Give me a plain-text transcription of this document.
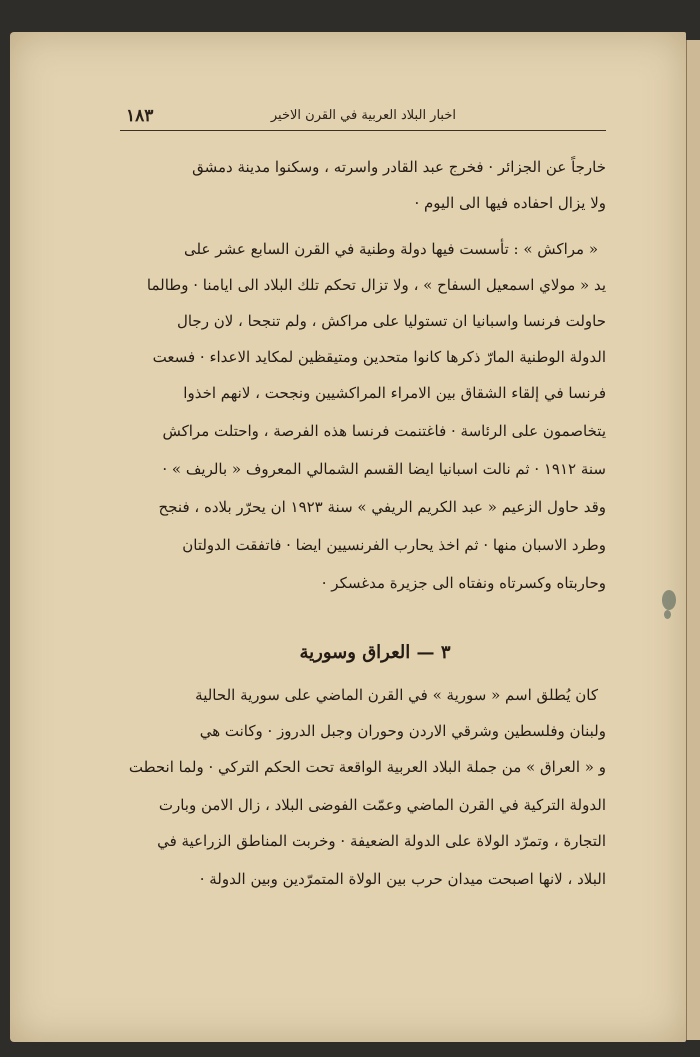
١٨٣	اخبار البلاد العربية في القرن الاخير
خارجاً عن الجزائر · فخرج عبد القادر واسرته ، وسكنوا مدينة دمشق
ولا يزال احفاده فيها الى اليوم ·
« مراكش » : تأسست فيها دولة وطنية في القرن السابع عشر على
يد « مولاي اسمعيل السفاح » ، ولا تزال تحكم تلك البلاد الى ايامنا · وطالما
حاولت فرنسا واسبانيا ان تستوليا على مراكش ، ولم تنجحا ، لان رجال
الدولة الوطنية المارّ ذكرها كانوا متحدين ومتيقظين لمكايد الاعداء · فسعت
فرنسا في إلقاء الشقاق بين الامراء المراكشيين ونجحت ، لانهم اخذوا
يتخاصمون على الرئاسة · فاغتنمت فرنسا هذه الفرصة ، واحتلت مراكش
سنة ١٩١٢ · ثم نالت اسبانيا ايضا القسم الشمالي المعروف « بالريف » ·
وقد حاول الزعيم « عبد الكريم الريفي » سنة ١٩٢٣ ان يحرّر بلاده ، فنجح
وطرد الاسبان منها · ثم اخذ يحارب الفرنسيين ايضا · فاتفقت الدولتان
وحاربتاه وكسرتاه ونفتاه الى جزيرة مدغسكر ·
٣ — العراق وسورية
كان يُطلق اسم « سورية » في القرن الماضي على سورية الحالية
ولبنان وفلسطين وشرقي الاردن وحوران وجبل الدروز · وكانت هي
و « العراق » من جملة البلاد العربية الواقعة تحت الحكم التركي · ولما انحطت
الدولة التركية في القرن الماضي وعمّت الفوضى البلاد ، زال الامن وبارت
التجارة ، وتمرّد الولاة على الدولة الضعيفة · وخربت المناطق الزراعية في
البلاد ، لانها اصبحت ميدان حرب بين الولاة المتمرّدين وبين الدولة ·
